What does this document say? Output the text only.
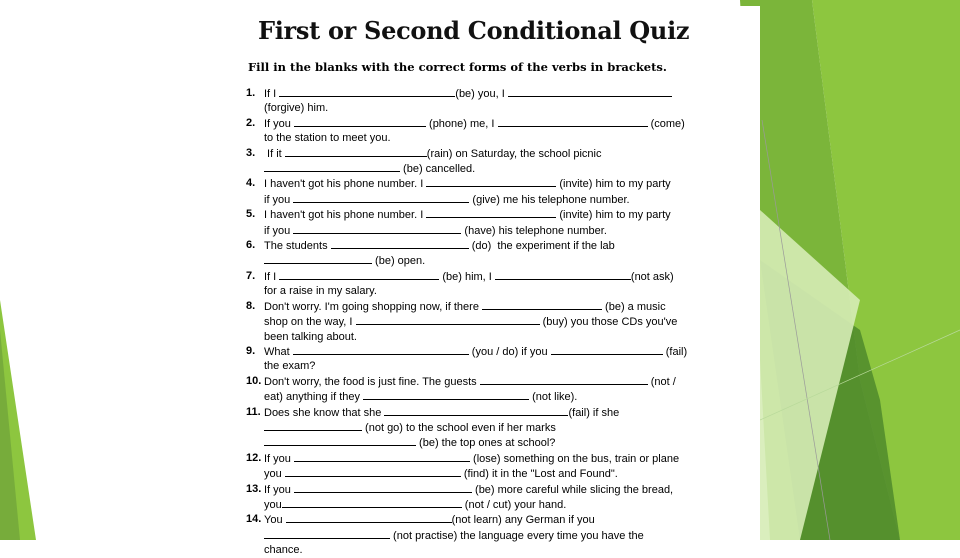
First or Second Conditional Quiz
Fill in the blanks with the correct forms of the verbs in brackets.
1. If I	(be) you, I
(forgive) him.
2. If you	(phone) me, I	(come)
to the station to meet you.
3. If it	(rain) on Saturday, the school picnic
(be) cancelled.
4. I haven't got his phone number. I	(invite) him to my party
if you	(give) me his telephone number.
5. I haven't got his phone number. I	(invite) him to my party
if you	(have) his telephone number.
6. The students	(do)  the experiment if the lab
(be) open.
7. If I	(be) him, I	(not ask)
for a raise in my salary.
8. Don't worry. I'm going shopping now, if there	(be) a music
shop on the way, I	(buy) you those CDs you've
been talking about.
9. What	(you / do) if you	(fail)
the exam?
10. Don't worry, the food is just fine. The guests	(not /
eat) anything if they	(not like).
11. Does she know that she	(fail) if she
(not go) to the school even if her marks
(be) the top ones at school?
12. If you	(lose) something on the bus, train or plane
you	(find) it in the "Lost and Found".
13. If you	(be) more careful while slicing the bread,
you	(not / cut) your hand.
14. You	(not learn) any German if you
(not practise) the language every time you have the
chance.
